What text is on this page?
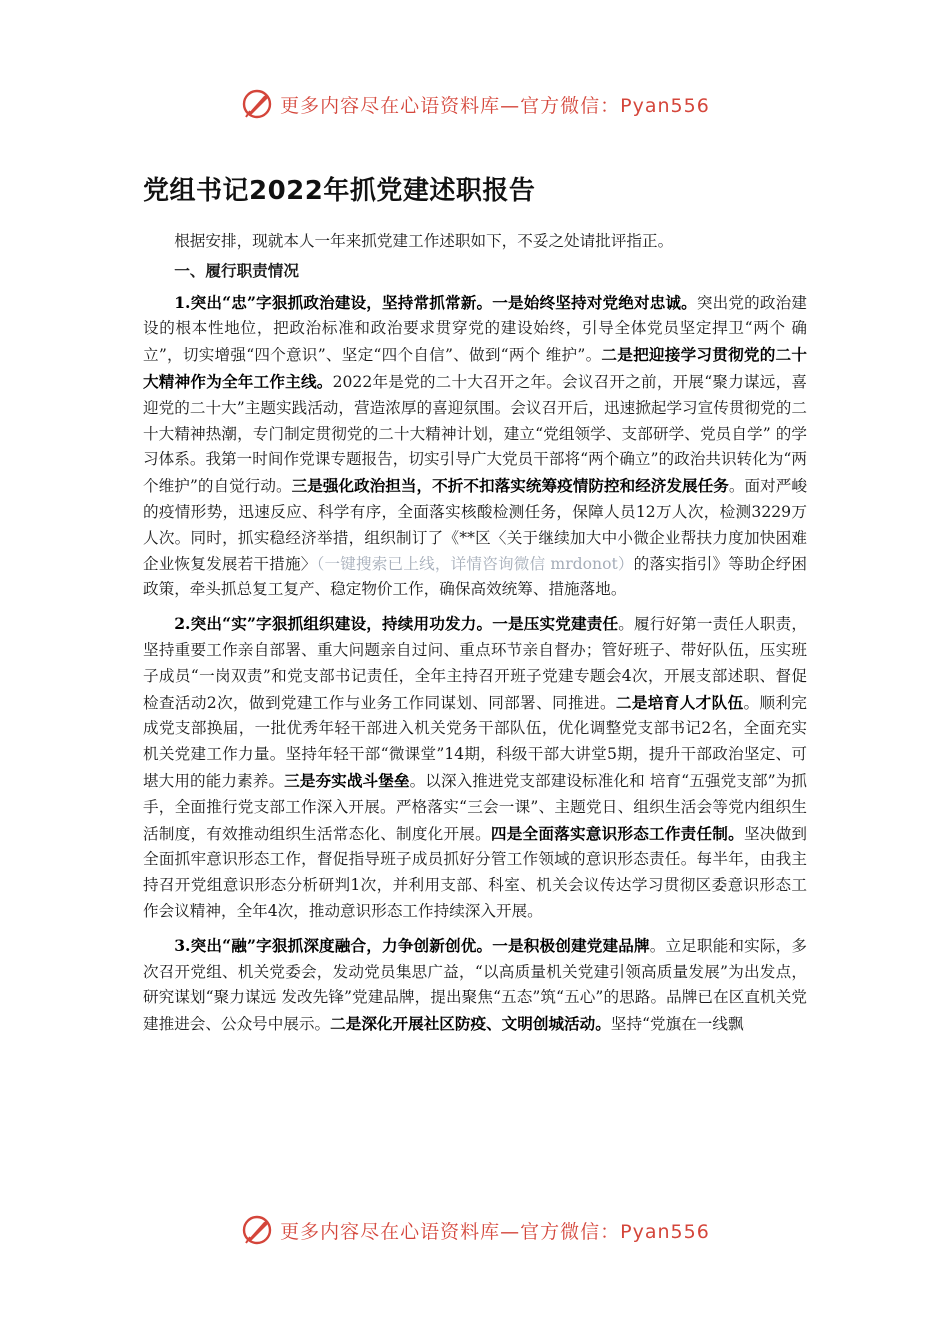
更多内容尽在心语资料库—官方微信：Pyan556
党组书记2022年抓党建述职报告

根据安排，现就本人一年来抓党建工作述职如下，不妥之处请批评指正。

一、履行职责情况

1.突出“忠”字狠抓政治建设，坚持常抓常新。一是始终坚持对党绝对忠诚。突出党的政治建设的根本性地位，把政治标准和政治要求贯穿党的建设始终，引导全体党员坚定捍卫“两个 确立”，切实增强“四个意识”、坚定“四个自信”、做到“两个 维护”。二是把迎接学习贯彻党的二十大精神作为全年工作主线。2022年是党的二十大召开之年。会议召开之前，开展“聚力谋远，喜迎党的二十大”主题实践活动，营造浓厚的喜迎氛围。会议召开后，迅速掀起学习宣传贯彻党的二十大精神热潮，专门制定贯彻党的二十大精神计划，建立“党组领学、支部研学、党员自学” 的学习体系。我第一时间作党课专题报告，切实引导广大党员干部将“两个确立”的政治共识转化为“两个维护”的自觉行动。三是强化政治担当，不折不扣落实统筹疫情防控和经济发展任务。面对严峻的疫情形势，迅速反应、科学有序，全面落实核酸检测任务，保障人员12万人次，检测3229万人次。同时，抓实稳经济举措，组织制订了《**区〈关于继续加大中小微企业帮扶力度加快困难企业恢复发展若干措施〉（一键搜索已上线，详情咨询微信 mrdonot）的落实指引》等助企纾困政策，牵头抓总复工复产、稳定物价工作，确保高效统筹、措施落地。

2.突出“实”字狠抓组织建设，持续用功发力。一是压实党建责任。履行好第一责任人职责，坚持重要工作亲自部署、重大问题亲自过问、重点环节亲自督办；管好班子、带好队伍，压实班子成员“一岗双责”和党支部书记责任，全年主持召开班子党建专题会4次，开展支部述职、督促检查活动2次，做到党建工作与业务工作同谋划、同部署、同推进。二是培育人才队伍。顺利完成党支部换届，一批优秀年轻干部进入机关党务干部队伍，优化调整党支部书记2名，全面充实机关党建工作力量。坚持年轻干部“微课堂”14期，科级干部大讲堂5期，提升干部政治坚定、可堪大用的能力素养。三是夯实战斗堡垒。以深入推进党支部建设标准化和 培育“五强党支部”为抓手，全面推行党支部工作深入开展。严格落实“三会一课”、主题党日、组织生活会等党内组织生活制度，有效推动组织生活常态化、制度化开展。四是全面落实意识形态工作责任制。坚决做到全面抓牢意识形态工作，督促指导班子成员抓好分管工作领域的意识形态责任。每半年，由我主持召开党组意识形态分析研判1次，并利用支部、科室、机关会议传达学习贯彻区委意识形态工作会议精神，全年4次，推动意识形态工作持续深入开展。

3.突出“融”字狠抓深度融合，力争创新创优。一是积极创建党建品牌。立足职能和实际，多次召开党组、机关党委会，发动党员集思广益，“以高质量机关党建引领高质量发展”为出发点，研究谋划“聚力谋远 发改先锋”党建品牌，提出聚焦“五态”筑“五心”的思路。品牌已在区直机关党建推进会、公众号中展示。二是深化开展社区防疫、文明创城活动。坚持“党旗在一线飘

更多内容尽在心语资料库—官方微信：Pyan556
